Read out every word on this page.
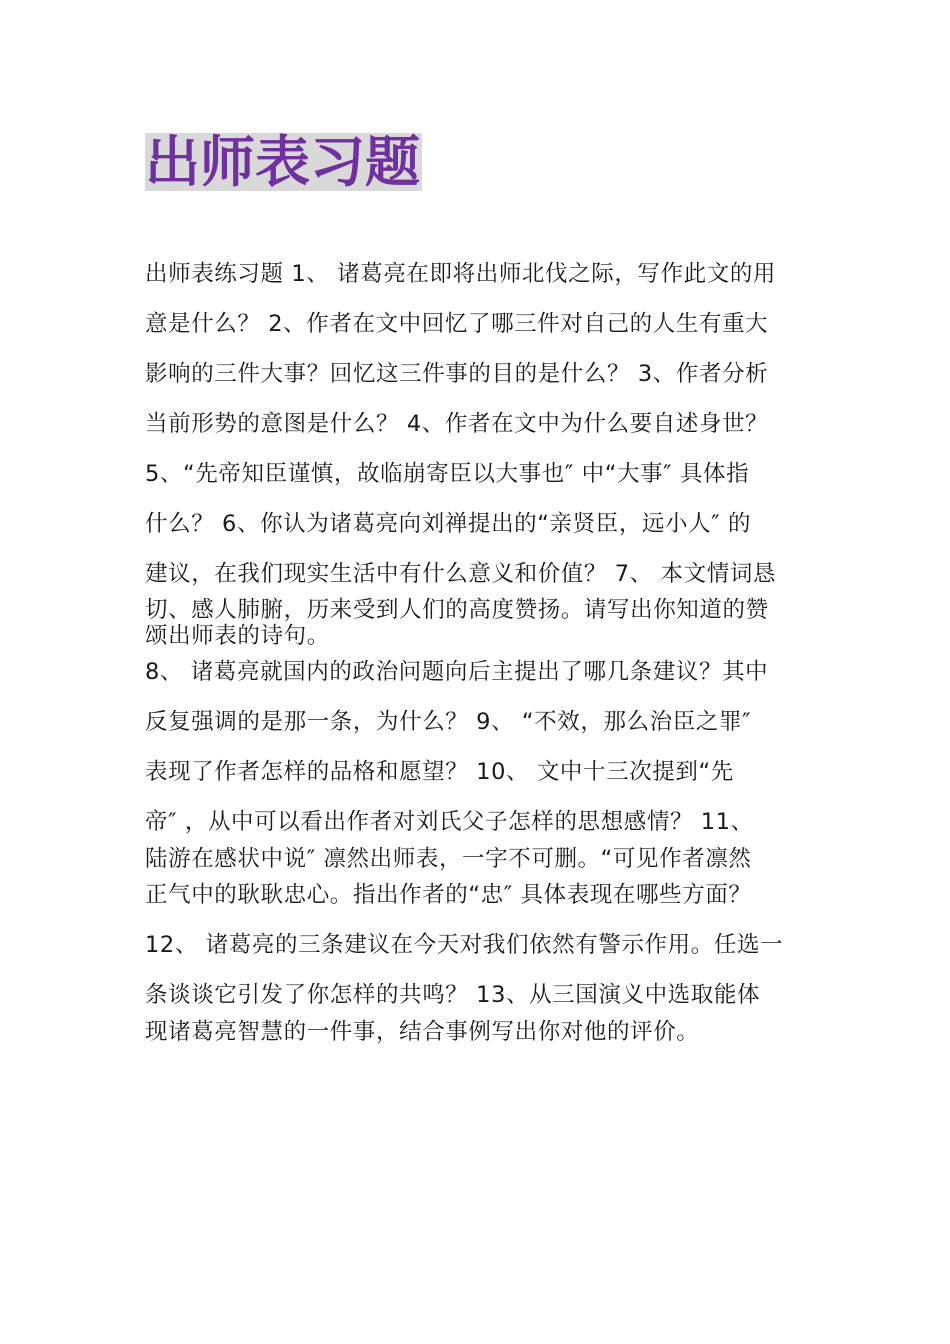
出师表习题
出师表练习题 1、 诸葛亮在即将出师北伐之际，写作此文的用
意是什么？ 2、作者在文中回忆了哪三件对自己的人生有重大
影响的三件大事？回忆这三件事的目的是什么？ 3、作者分析
当前形势的意图是什么？ 4、作者在文中为什么要自述身世？
5、“先帝知臣谨慎，故临崩寄臣以大事也″ 中“大事″ 具体指
什么？ 6、你认为诸葛亮向刘禅提出的“亲贤臣，远小人″ 的
建议，在我们现实生活中有什么意义和价值？ 7、 本文情词恳
切、感人肺腑，历来受到人们的高度赞扬。请写出你知道的赞
颂出师表的诗句。
8、 诸葛亮就国内的政治问题向后主提出了哪几条建议？其中
反复强调的是那一条，为什么？ 9、 “不效，那么治臣之罪″
表现了作者怎样的品格和愿望？ 10、 文中十三次提到“先
帝″ ，从中可以看出作者对刘氏父子怎样的思想感情？ 11、
陆游在感状中说″ 凛然出师表，一字不可删。“可见作者凛然
正气中的耿耿忠心。指出作者的“忠″ 具体表现在哪些方面？
12、 诸葛亮的三条建议在今天对我们依然有警示作用。任选一
条谈谈它引发了你怎样的共鸣？ 13、从三国演义中选取能体
现诸葛亮智慧的一件事，结合事例写出你对他的评价。
